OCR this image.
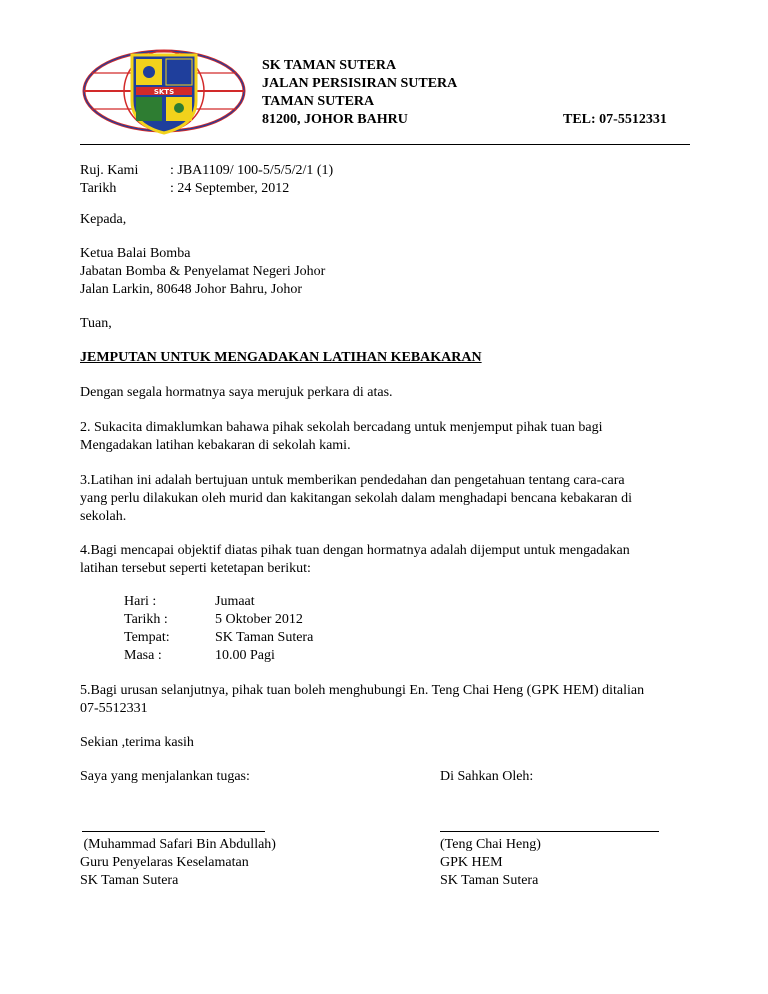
SKTS
SK TAMAN SUTERA
JALAN PERSISIRAN SUTERA
TAMAN SUTERA
81200, JOHOR BAHRU	TEL: 07-5512331
Ruj. Kami : JBA1109/ 100-5/5/5/2/1 (1)
Tarikh	: 24 September, 2012
Kepada,
Ketua Balai Bomba
Jabatan Bomba & Penyelamat Negeri Johor
Jalan Larkin, 80648 Johor Bahru, Johor
Tuan,
JEMPUTAN UNTUK MENGADAKAN LATIHAN KEBAKARAN
Dengan segala hormatnya saya merujuk perkara di atas.
2. Sukacita dimaklumkan bahawa pihak sekolah bercadang untuk menjemput pihak tuan bagi
Mengadakan latihan kebakaran di sekolah kami.
3.Latihan ini adalah bertujuan untuk memberikan pendedahan dan pengetahuan tentang cara-cara
yang perlu dilakukan oleh murid dan kakitangan sekolah dalam menghadapi bencana kebakaran di
sekolah.
4.Bagi mencapai objektif diatas pihak tuan dengan hormatnya adalah dijemput untuk mengadakan
latihan tersebut seperti ketetapan berikut:
Hari :	Jumaat
Tarikh :	5 Oktober 2012
Tempat:	SK Taman Sutera
Masa :	10.00 Pagi
5.Bagi urusan selanjutnya, pihak tuan boleh menghubungi En. Teng Chai Heng (GPK HEM) ditalian
07-5512331
Sekian ,terima kasih
Saya yang menjalankan tugas:	Di Sahkan Oleh:
(Muhammad Safari Bin Abdullah)
Guru Penyelaras Keselamatan
SK Taman Sutera
(Teng Chai Heng)
GPK HEM
SK Taman Sutera
